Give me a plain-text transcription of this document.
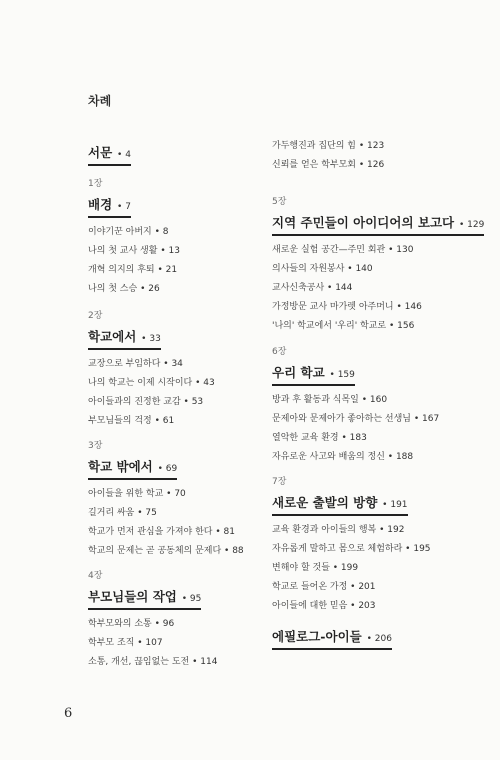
차례
서문 • 4
1장
배경 • 7
이야기꾼 아버지 • 8
나의 첫 교사 생활 • 13
개혁 의지의 후퇴 • 21
나의 첫 스승 • 26
2장
학교에서 • 33
교장으로 부임하다 • 34
나의 학교는 이제 시작이다 • 43
아이들과의 진정한 교감 • 53
부모님들의 걱정 • 61
3장
학교 밖에서 • 69
아이들을 위한 학교 • 70
길거리 싸움 • 75
학교가 먼저 관심을 가져야 한다 • 81
학교의 문제는 곧 공동체의 문제다 • 88
4장
부모님들의 작업 • 95
학부모와의 소통 • 96
학부모 조직 • 107
소통, 개선, 끊임없는 도전 • 114
가두행진과 집단의 힘 • 123
신뢰를 얻은 학부모회 • 126
5장
지역 주민들이 아이디어의 보고다 • 129
새로운 실험 공간—주민 회관 • 130
의사들의 자원봉사 • 140
교사신축공사 • 144
가정방문 교사 마가렛 아주머니 • 146
'나의' 학교에서 '우리' 학교로 • 156
6장
우리 학교 • 159
방과 후 활동과 식목일 • 160
문제아와 문제아가 좋아하는 선생님 • 167
열악한 교육 환경 • 183
자유로운 사고와 배움의 정신 • 188
7장
새로운 출발의 방향 • 191
교육 환경과 아이들의 행복 • 192
자유롭게 말하고 몸으로 체험하라 • 195
변해야 할 것들 • 199
학교로 들어온 가정 • 201
아이들에 대한 믿음 • 203
에필로그-아이들 • 206
6
